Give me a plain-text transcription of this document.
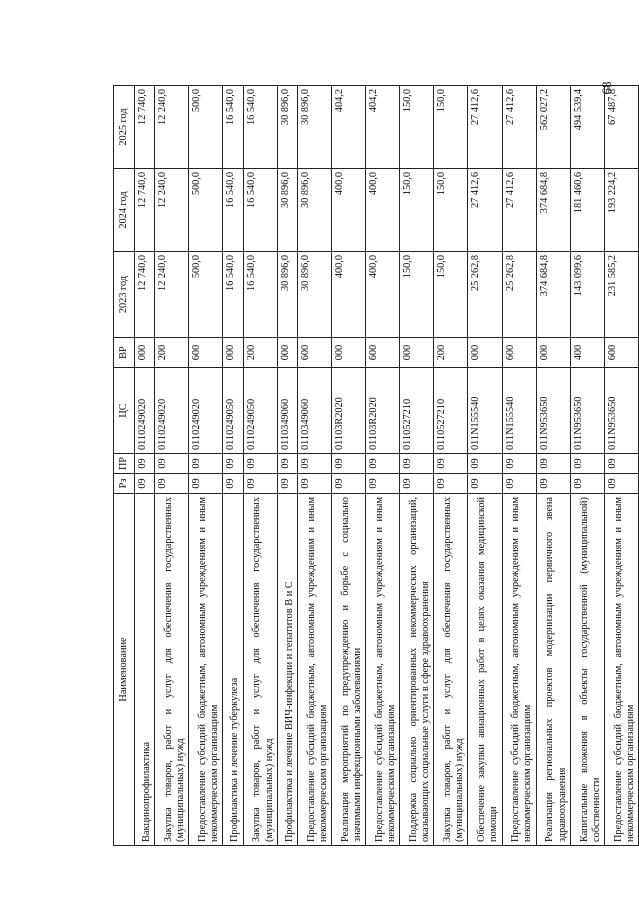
68
Наименование	Рз	ПР	ЦС	ВР	2023 год	2024 год	2025 год
Вакцинопрофилактика	09	09	0110249020	000	12 740,0	12 740,0	12 740,0
Закупка товаров, работ и услуг для обеспечения государственных (муниципальных) нужд	09	09	0110249020	200	12 240,0	12 240,0	12 240,0
Предоставление субсидий бюджетным, автономным учреждениям и иным некоммерческим организациям	09	09	0110249020	600	500,0	500,0	500,0
Профилактика и лечение туберкулеза	09	09	0110249050	000	16 540,0	16 540,0	16 540,0
Закупка товаров, работ и услуг для обеспечения государственных (муниципальных) нужд	09	09	0110249050	200	16 540,0	16 540,0	16 540,0
Профилактика и лечение ВИЧ-инфекции и гепатитов В и С	09	09	0110349060	000	30 896,0	30 896,0	30 896,0
Предоставление субсидий бюджетным, автономным учреждениям и иным некоммерческим организациям	09	09	0110349060	600	30 896,0	30 896,0	30 896,0
Реализация мероприятий по предупреждению и борьбе с социально значимыми инфекционными заболеваниями	09	09	01103R2020	000	400,0	400,0	404,2
Предоставление субсидий бюджетным, автономным учреждениям и иным некоммерческим организациям	09	09	01103R2020	600	400,0	400,0	404,2
Поддержка социально ориентированных некоммерческих организаций, оказывающих социальные услуги в сфере здравоохранения	09	09	0110527210	000	150,0	150,0	150,0
Закупка товаров, работ и услуг для обеспечения государственных (муниципальных) нужд	09	09	0110527210	200	150,0	150,0	150,0
Обеспечение закупки авиационных работ в целях оказания медицинской помощи	09	09	011N155540	000	25 262,8	27 412,6	27 412,6
Предоставление субсидий бюджетным, автономным учреждениям и иным некоммерческим организациям	09	09	011N155540	600	25 262,8	27 412,6	27 412,6
Реализация региональных проектов модернизации первичного звена здравоохранения	09	09	011N953650	000	374 684,8	374 684,8	562 027,2
Капитальные вложения в объекты государственной (муниципальной) собственности	09	09	011N953650	400	143 099,6	181 460,6	494 539,4
Предоставление субсидий бюджетным, автономным учреждениям и иным некоммерческим организациям	09	09	011N953650	600	231 585,2	193 224,2	67 487,8
